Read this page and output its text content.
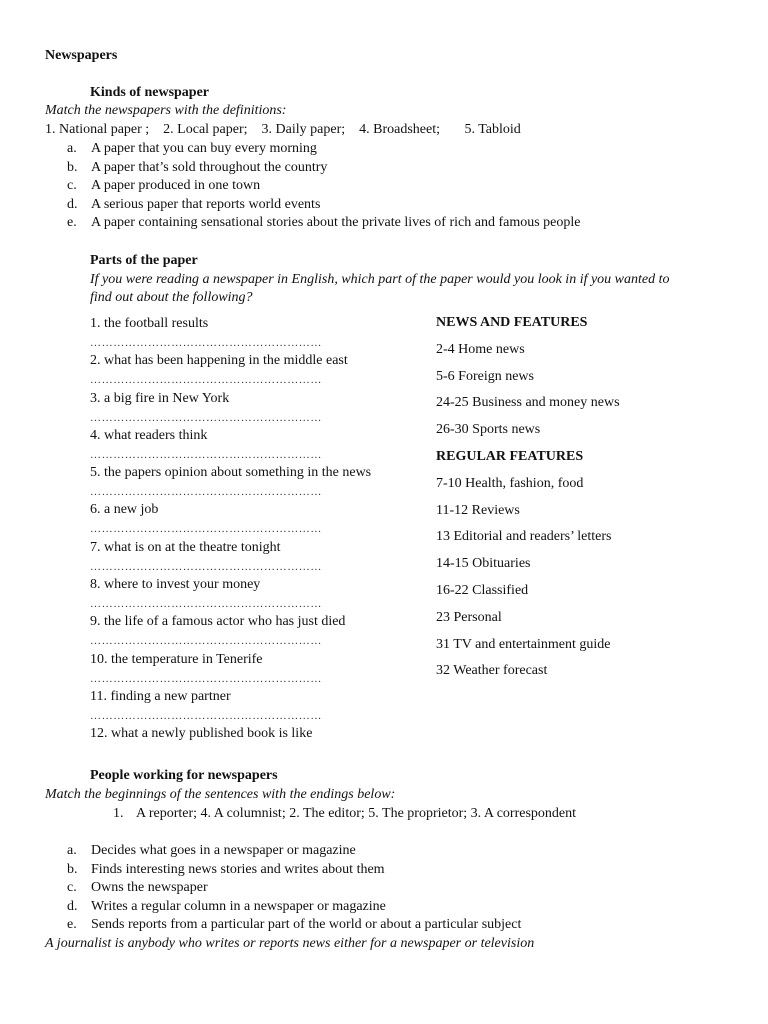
Newspapers
Kinds of newspaper
Match the newspapers with the definitions:
1. National paper ;    2. Local paper;    3. Daily paper;    4. Broadsheet;       5. Tabloid
a.	A paper that you can buy every morning
b. A paper that’s sold throughout the country
c.	A paper produced in one town
d. A serious paper that reports world events
e.	A paper containing sensational stories about the private lives of rich and famous people
Parts of the paper
If you were reading a newspaper in English, which part of the paper would you look in if you wanted to
find out about the following?
1. the football results
……………………………………………………
2. what has been happening in the middle east
……………………………………………………
3. a big fire in New York
……………………………………………………
4. what readers think
……………………………………………………
5. the papers opinion about something in the news
……………………………………………………
6. a new job
……………………………………………………
7. what is on at the theatre tonight
……………………………………………………
8. where to invest your money
……………………………………………………
9. the life of a famous actor who has just died
……………………………………………………
10. the temperature in Tenerife
……………………………………………………
11. finding a new partner
……………………………………………………
12. what a newly published book is like
NEWS AND FEATURES
2-4 Home news
5-6 Foreign news
24-25 Business and money news
26-30 Sports news
REGULAR FEATURES
7-10 Health, fashion, food
11-12 Reviews
13 Editorial and readers’ letters
14-15 Obituaries
16-22 Classified
23 Personal
31 TV and entertainment guide
32 Weather forecast
People working for newspapers
Match the beginnings of the sentences with the endings below:
1. A reporter; 4. A columnist; 2. The editor; 5. The proprietor; 3. A correspondent
a.	Decides what goes in a newspaper or magazine
b. Finds interesting news stories and writes about them
c.	Owns the newspaper
d. Writes a regular column in a newspaper or magazine
e.	Sends reports from a particular part of the world or about a particular subject
A journalist is anybody who writes or reports news either for a newspaper or television
